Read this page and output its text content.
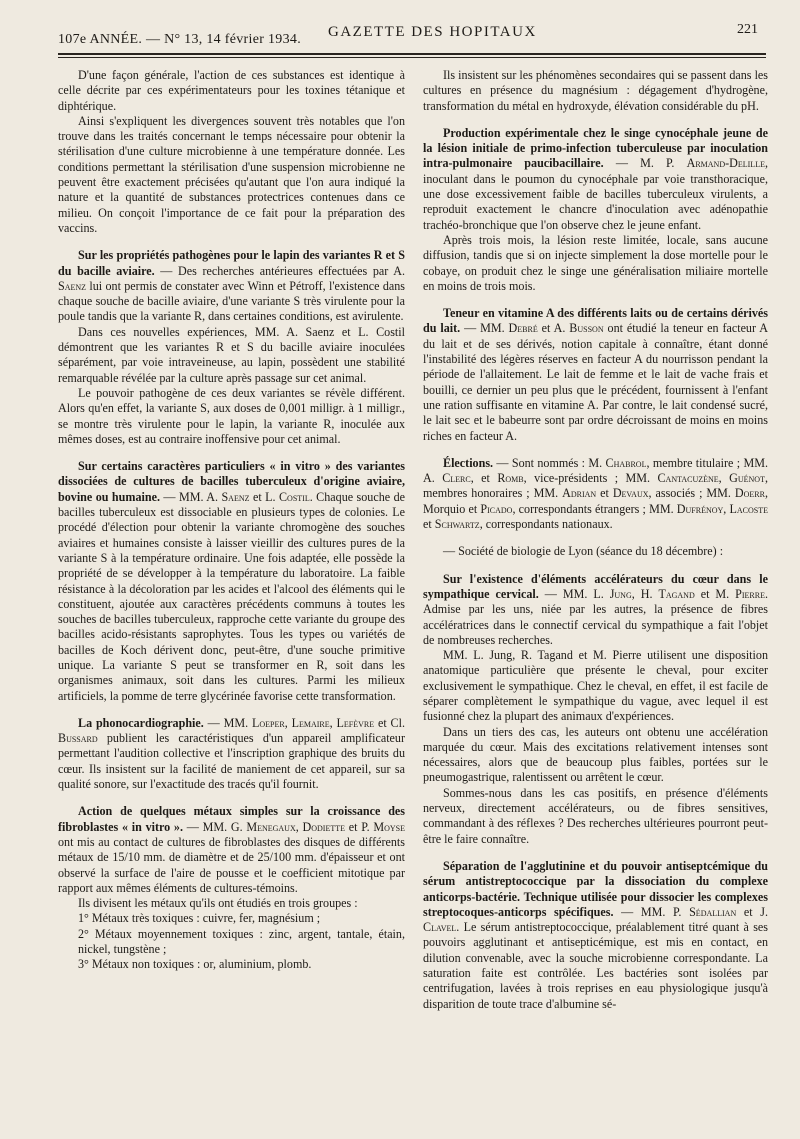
107e ANNÉE. — N° 13, 14 février 1934. GAZETTE DES HOPITAUX	221

D'une façon générale, l'action de ces substances est identique à celle décrite par ces expérimentateurs pour les toxines tétanique et diphtérique.

Ainsi s'expliquent les divergences souvent très notables que l'on trouve dans les traités concernant le temps nécessaire pour obtenir la stérilisation d'une culture microbienne à une température donnée. Les conditions permettant la stérilisation d'une suspension microbienne ne peuvent être exactement précisées qu'autant que l'on aura indiqué la nature et la quantité de substances protectrices contenues dans ce milieu. On conçoit l'importance de ce fait pour la préparation des vaccins.

Sur les propriétés pathogènes pour le lapin des variantes R et S du bacille aviaire. — Des recherches antérieures effectuées par A. Saenz lui ont permis de constater avec Winn et Pétroff, l'existence dans chaque souche de bacille aviaire, d'une variante S très virulente pour la poule tandis que la variante R, dans certaines conditions, est avirulente.

Dans ces nouvelles expériences, MM. A. Saenz et L. Costil démontrent que les variantes R et S du bacille aviaire inoculées séparément, par voie intraveineuse, au lapin, possèdent une stabilité remarquable révélée par la culture après passage sur cet animal.

Le pouvoir pathogène de ces deux variantes se révèle différent. Alors qu'en effet, la variante S, aux doses de 0,001 milligr. à 1 milligr., se montre très virulente pour le lapin, la variante R, inoculée aux mêmes doses, est au contraire inoffensive pour cet animal.

Sur certains caractères particuliers « in vitro » des variantes dissociées de cultures de bacilles tuberculeux d'origine aviaire, bovine ou humaine. — MM. A. Saenz et L. Costil. Chaque souche de bacilles tuberculeux est dissociable en plusieurs types de colonies. Le procédé d'élection pour obtenir la variante chromogène des souches aviaires et humaines consiste à laisser vieillir des cultures pures de la variante S à la température ordinaire. Une fois adaptée, elle possède la propriété de se développer à la température du laboratoire. La faible résistance à la décoloration par les acides et l'alcool des éléments qui le constituent, ajoutée aux caractères précédents communs à toutes les souches de bacilles tuberculeux, rapproche cette variante du groupe des bacilles acido-résistants saprophytes. Tous les types ou variétés de bacilles de Koch dérivent donc, peut-être, d'une souche primitive unique. La variante S peut se transformer en R, soit dans les organismes animaux, soit dans les cultures. Parmi les milieux artificiels, la pomme de terre glycérinée favorise cette transformation.

La phonocardiographie. — MM. Loeper, Lemaire, Lefèvre et Cl. Bussard publient les caractéristiques d'un appareil amplificateur permettant l'audition collective et l'inscription graphique des bruits du cœur. Ils insistent sur la facilité de maniement de cet appareil, sur sa qualité sonore, sur l'exactitude des tracés qu'il fournit.

Action de quelques métaux simples sur la croissance des fibroblastes « in vitro ». — MM. G. Menegaux, Dodiette et P. Moyse ont mis au contact de cultures de fibroblastes des disques de différents métaux de 15/10 mm. de diamètre et de 25/100 mm. d'épaisseur et ont observé la surface de l'aire de pousse et le coefficient mitotique par rapport aux mêmes éléments de cultures-témoins.

Ils divisent les métaux qu'ils ont étudiés en trois groupes :

1° Métaux très toxiques : cuivre, fer, magnésium ;

2° Métaux moyennement toxiques : zinc, argent, tantale, étain, nickel, tungstène ;

3° Métaux non toxiques : or, aluminium, plomb.

Ils insistent sur les phénomènes secondaires qui se passent dans les cultures en présence du magnésium : dégagement d'hydrogène, transformation du métal en hydroxyde, élévation considérable du pH.

Production expérimentale chez le singe cynocéphale jeune de la lésion initiale de primo-infection tuberculeuse par inoculation intra-pulmonaire paucibacillaire. — M. P. Armand-Delille, inoculant dans le poumon du cynocéphale par voie transthoracique, une dose excessivement faible de bacilles tuberculeux virulents, a reproduit exactement le chancre d'inoculation avec adénopathie trachéo-bronchique que l'on observe chez le jeune enfant.

Après trois mois, la lésion reste limitée, locale, sans aucune diffusion, tandis que si on injecte simplement la dose mortelle pour le cobaye, on produit chez le singe une généralisation miliaire mortelle en moins de trois mois.

Teneur en vitamine A des différents laits ou de certains dérivés du lait. — MM. Debré et A. Busson ont étudié la teneur en facteur A du lait et de ses dérivés, notion capitale à connaître, étant donné l'instabilité des légères réserves en facteur A du nourrisson pendant la période de l'allaitement. Le lait de femme et le lait de vache frais et bouilli, ce dernier un peu plus que le précédent, fournissent à l'enfant une ration suffisante en vitamine A. Par contre, le lait condensé sucré, le lait sec et le babeurre sont par ordre décroissant de moins en moins riches en facteur A.

Élections. — Sont nommés : M. Chabrol, membre titulaire ; MM. A. Clerc, et Romb, vice-présidents ; MM. Cantacuzène, Guénot, membres honoraires ; MM. Adrian et Devaux, associés ; MM. Doerr, Morquio et Picado, correspondants étrangers ; MM. Dufrénoy, Lacoste et Schwartz, correspondants nationaux.

— Société de biologie de Lyon (séance du 18 décembre) :

Sur l'existence d'éléments accélérateurs du cœur dans le sympathique cervical. — MM. L. Jung, H. Tagand et M. Pierre. Admise par les uns, niée par les autres, la présence de fibres accélératrices dans le connectif cervical du sympathique a fait l'objet de nombreuses recherches.

MM. L. Jung, R. Tagand et M. Pierre utilisent une disposition anatomique particulière que présente le cheval, pour exciter exclusivement le sympathique. Chez le cheval, en effet, il est facile de séparer complètement le sympathique du vague, avec lequel il est fusionné chez la plupart des animaux d'expériences.

Dans un tiers des cas, les auteurs ont obtenu une accélération marquée du cœur. Mais des excitations relativement intenses sont nécessaires, alors que de beaucoup plus faibles, portées sur le pneumogastrique, ralentissent ou arrêtent le cœur.

Sommes-nous dans les cas positifs, en présence d'éléments nerveux, directement accélérateurs, ou de fibres sensitives, commandant à des réflexes ? Des recherches ultérieures pourront peut-être le faire connaître.

Séparation de l'agglutinine et du pouvoir antiseptcémique du sérum antistreptococcique par la dissociation du complexe anticorps-bactérie. Technique utilisée pour dissocier les complexes streptocoques-anticorps spécifiques. — MM. P. Sédallian et J. Clavel. Le sérum antistreptococcique, préalablement titré quant à ses pouvoirs agglutinant et antisepticémique, est mis en contact, en dilution convenable, avec la souche microbienne correspondante. La saturation faite est contrôlée. Les bactéries sont isolées par centrifugation, lavées à trois reprises en eau physiologique jusqu'à disparition de toute trace d'albumine sé-
